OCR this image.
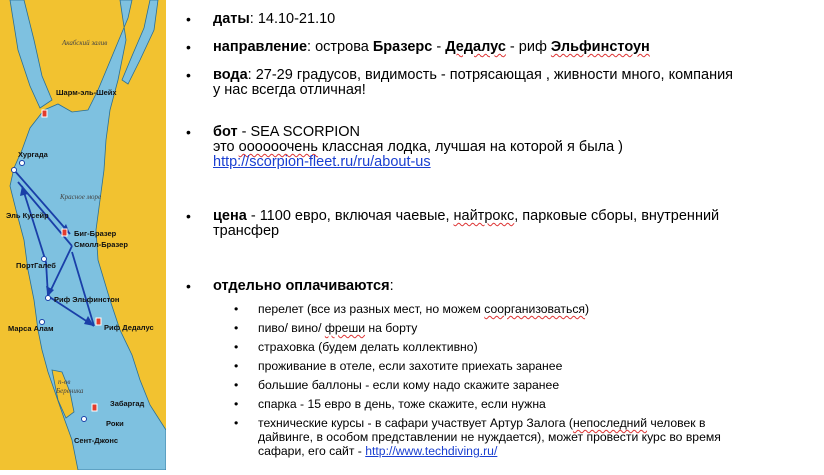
Акабский залив
Шарм-эль-Шейх
Хургада
Красное море
Эль Кусейр
Биг-Бразер
Смолл-Бразер
ПортГалеб
Риф Эльфинстон
Марса Алам	Риф Дедалус
п-ов
Береника
Забаргад
Роки
Сент-Джонс
• даты: 14.10-21.10
• направление: острова Бразерс - Дедалус - риф Эльфинстоун
• вода: 27-29 градусов, видимость - потрясающая , живности много, компания
у нас всегда отличная!
• бот - SEA SCORPION
это оооооочень классная лодка, лучшая на которой я была )
http://scorpion-fleet.ru/ru/about-us
• цена - 1100 евро, включая чаевые, найтрокс, парковые сборы, внутренний
трансфер
• отдельно оплачиваются:
• перелет (все из разных мест, но можем соорганизоваться)
• пиво/ вино/ фреши на борту
• страховка (будем делать коллективно)
• проживание в отеле, если захотите приехать заранее
• большие баллоны - если кому надо скажите заранее
• спарка - 15 евро в день, тоже скажите, если нужна
• технические курсы - в сафари участвует Артур Залога (непоследний человек в
дайвинге, в особом представлении не нуждается), может провести курс во время
сафари, его сайт - http://www.techdiving.ru/
